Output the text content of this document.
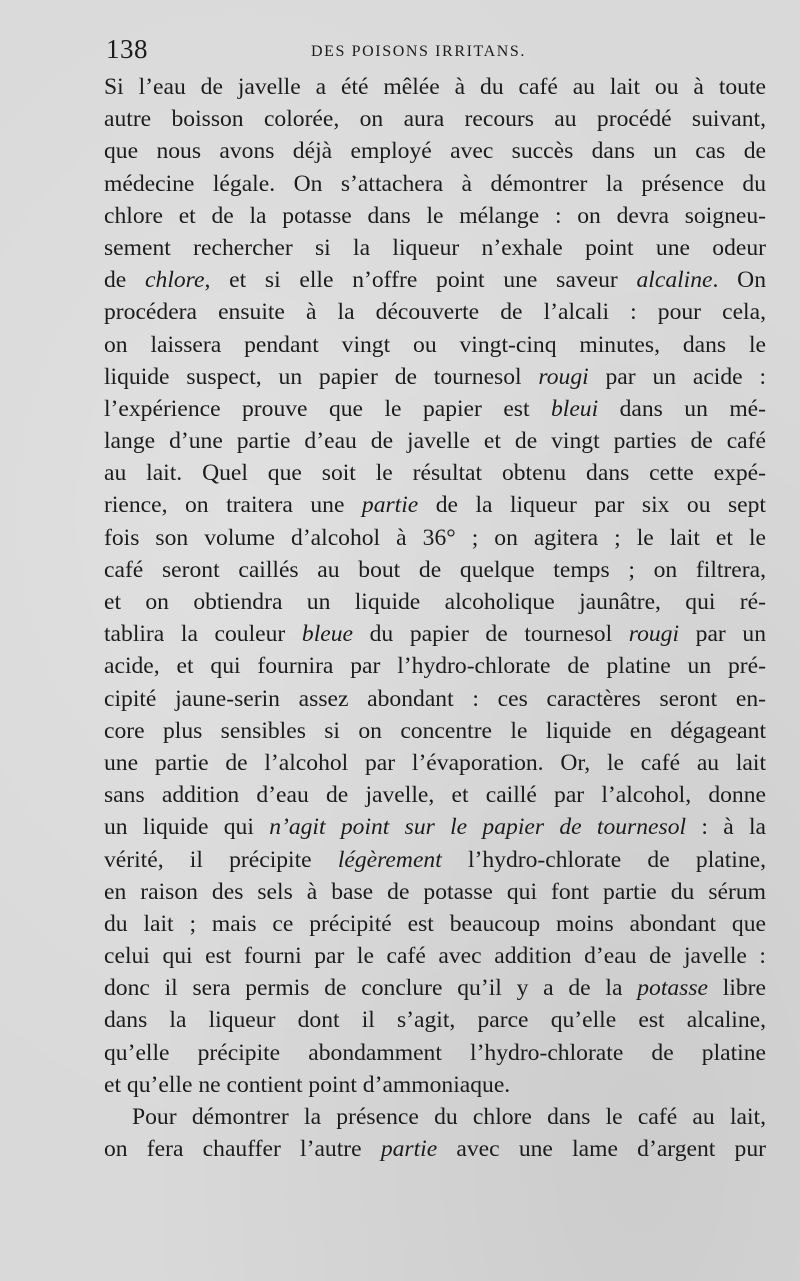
138	DES POISONS IRRITANS.
Si l’eau de javelle a été mêlée à du café au lait ou à toute
autre boisson colorée, on aura recours au procédé suivant,
que nous avons déjà employé avec succès dans un cas de
médecine légale. On s’attachera à démontrer la présence du
chlore et de la potasse dans le mélange : on devra soigneu-
sement rechercher si la liqueur n’exhale point une odeur
de chlore, et si elle n’offre point une saveur alcaline. On
procédera ensuite à la découverte de l’alcali : pour cela,
on laissera pendant vingt ou vingt-cinq minutes, dans le
liquide suspect, un papier de tournesol rougi par un acide :
l’expérience prouve que le papier est bleui dans un mé-
lange d’une partie d’eau de javelle et de vingt parties de café
au lait. Quel que soit le résultat obtenu dans cette expé-
rience, on traitera une partie de la liqueur par six ou sept
fois son volume d’alcohol à 36° ; on agitera ; le lait et le
café seront caillés au bout de quelque temps ; on filtrera,
et on obtiendra un liquide alcoholique jaunâtre, qui ré-
tablira la couleur bleue du papier de tournesol rougi par un
acide, et qui fournira par l’hydro-chlorate de platine un pré-
cipité jaune-serin assez abondant : ces caractères seront en-
core plus sensibles si on concentre le liquide en dégageant
une partie de l’alcohol par l’évaporation. Or, le café au lait
sans addition d’eau de javelle, et caillé par l’alcohol, donne
un liquide qui n’agit point sur le papier de tournesol : à la
vérité, il précipite légèrement l’hydro-chlorate de platine,
en raison des sels à base de potasse qui font partie du sérum
du lait ; mais ce précipité est beaucoup moins abondant que
celui qui est fourni par le café avec addition d’eau de javelle :
donc il sera permis de conclure qu’il y a de la potasse libre
dans la liqueur dont il s’agit, parce qu’elle est alcaline,
qu’elle précipite abondamment l’hydro-chlorate de platine
et qu’elle ne contient point d’ammoniaque.
Pour démontrer la présence du chlore dans le café au lait,
on fera chauffer l’autre partie avec une lame d’argent pur
